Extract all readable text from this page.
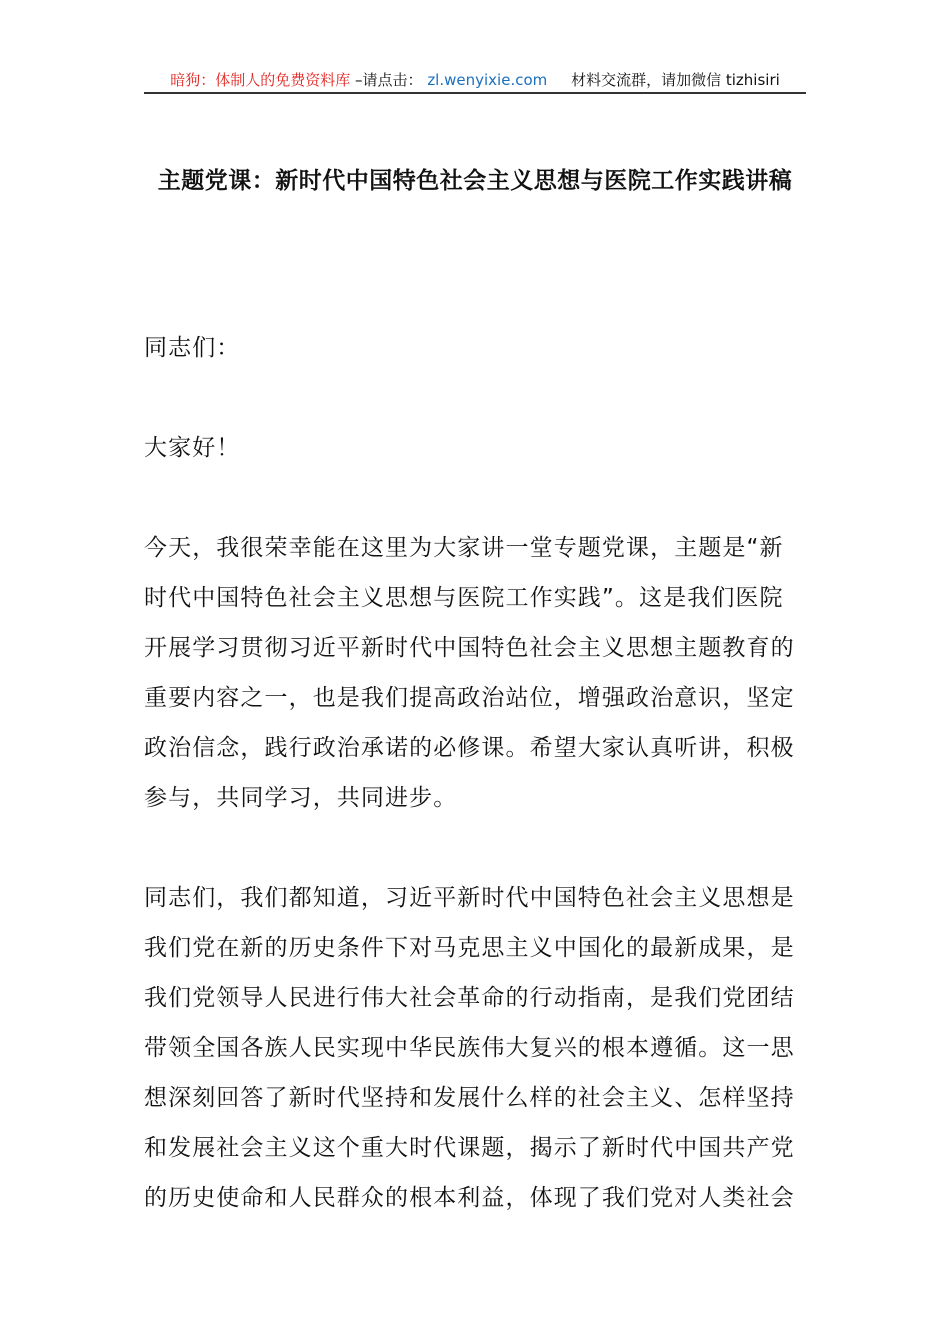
暗狗：体制人的免费资料库 –请点击： zl.wenyixie.com 材料交流群，请加微信 tizhisiri
主题党课：新时代中国特色社会主义思想与医院工作实践讲稿
同志们：
大家好！
今天，我很荣幸能在这里为大家讲一堂专题党课，主题是“新
时代中国特色社会主义思想与医院工作实践”。这是我们医院
开展学习贯彻习近平新时代中国特色社会主义思想主题教育的
重要内容之一，也是我们提高政治站位，增强政治意识，坚定
政治信念，践行政治承诺的必修课。希望大家认真听讲，积极
参与，共同学习，共同进步。
同志们，我们都知道，习近平新时代中国特色社会主义思想是
我们党在新的历史条件下对马克思主义中国化的最新成果，是
我们党领导人民进行伟大社会革命的行动指南，是我们党团结
带领全国各族人民实现中华民族伟大复兴的根本遵循。这一思
想深刻回答了新时代坚持和发展什么样的社会主义、怎样坚持
和发展社会主义这个重大时代课题，揭示了新时代中国共产党
的历史使命和人民群众的根本利益，体现了我们党对人类社会
